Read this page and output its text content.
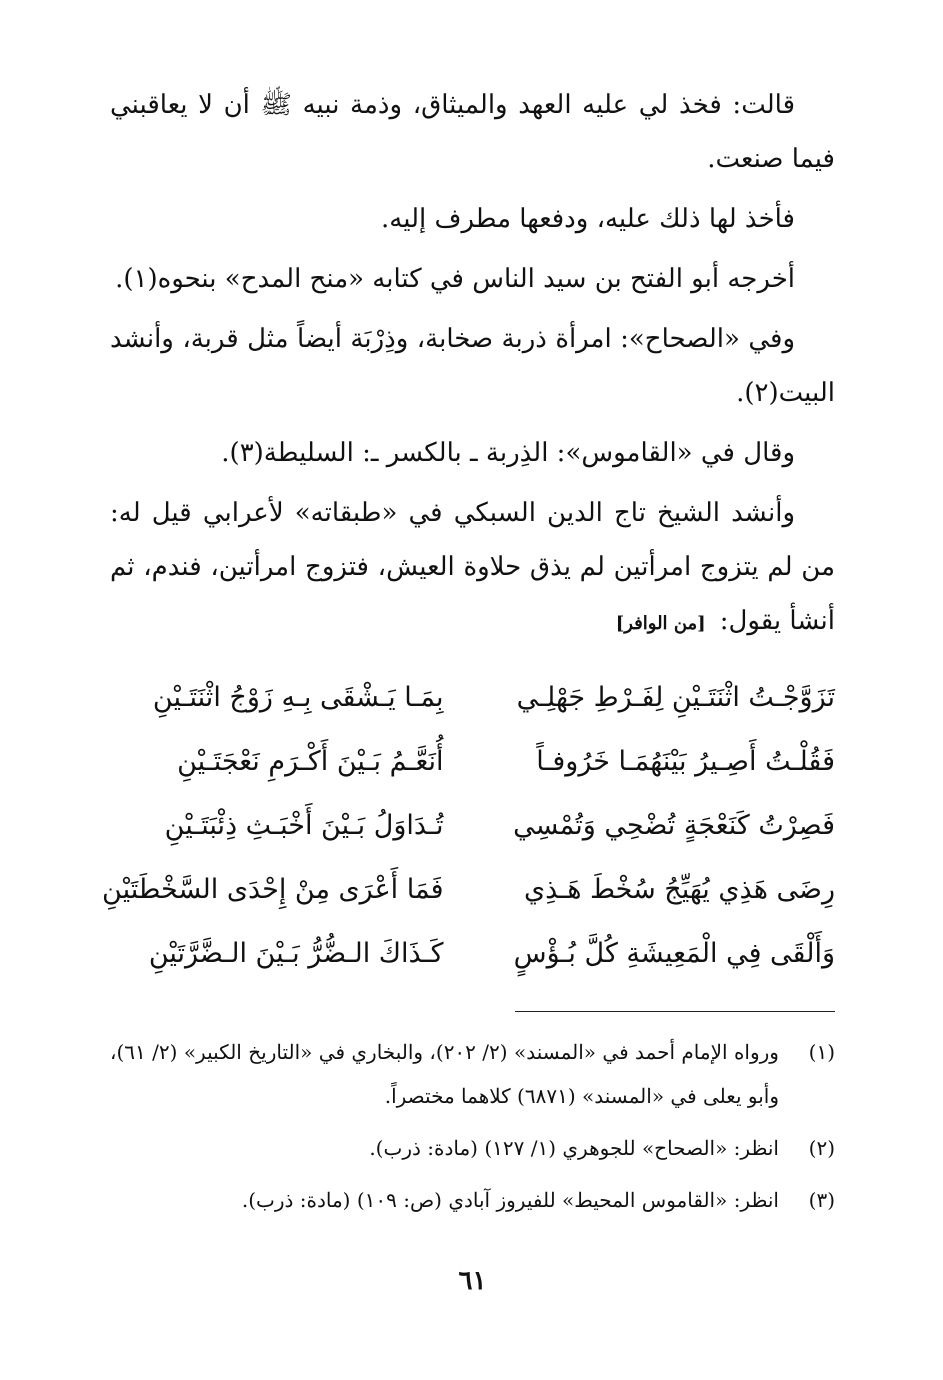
قالت: فخذ لي عليه العهد والميثاق، وذمة نبيه ﷺ أن لا يعاقبني فيما صنعت.

فأخذ لها ذلك عليه، ودفعها مطرف إليه.

أخرجه أبو الفتح بن سيد الناس في كتابه «منح المدح» بنحوه(١).

وفي «الصحاح»: امرأة ذربة صخابة، وذِرْبَة أيضاً مثل قربة، وأنشد البيت(٢).

وقال في «القاموس»: الذِربة ـ بالكسر ـ: السليطة(٣).

وأنشد الشيخ تاج الدين السبكي في «طبقاته» لأعرابي قيل له: من لم يتزوج امرأتين لم يذق حلاوة العيش، فتزوج امرأتين، فندم، ثم أنشأ يقول:[من الوافر]

تَزَوَّجْـتُ اثْنَتَـيْنِ لِفَـرْطِ جَهْلِـي
بِمَـا يَـشْقَى بِـهِ زَوْجُ اثْنَتَـيْنِ
فَقُلْـتُ أَصِـيرُ بَيْنَهُمَـا خَرُوفـاً
أُنَعَّـمُ بَـيْنَ أَكْـرَمِ نَعْجَتَـيْنِ
فَصِرْتُ كَنَعْجَةٍ تُضْحِي وَتُمْسِي
تُـدَاوَلُ بَـيْنَ أَخْبَـثِ ذِئْبَتَـيْنِ
رِضَى هَذِي يُهَيِّجُ سُخْطَ هَـذِي
فَمَا أَعْرَى مِنْ إِحْدَى السَّخْطَتَيْنِ
وَأَلْقَى فِي الْمَعِيشَةِ كُلَّ بُـؤْسٍ
كَـذَاكَ الـضُّرُّ بَـيْنَ الـضَّرَّتَيْنِ
(١)
ورواه الإمام أحمد في «المسند» (٢/ ٢٠٢)، والبخاري في «التاريخ الكبير» (٢/ ٦١)، وأبو يعلى في «المسند» (٦٨٧١) كلاهما مختصراً.
(٢)
انظر: «الصحاح» للجوهري (١/ ١٢٧) (مادة: ذرب).
(٣)
انظر: «القاموس المحيط» للفيروز آبادي (ص: ١٠٩) (مادة: ذرب).
٦١
